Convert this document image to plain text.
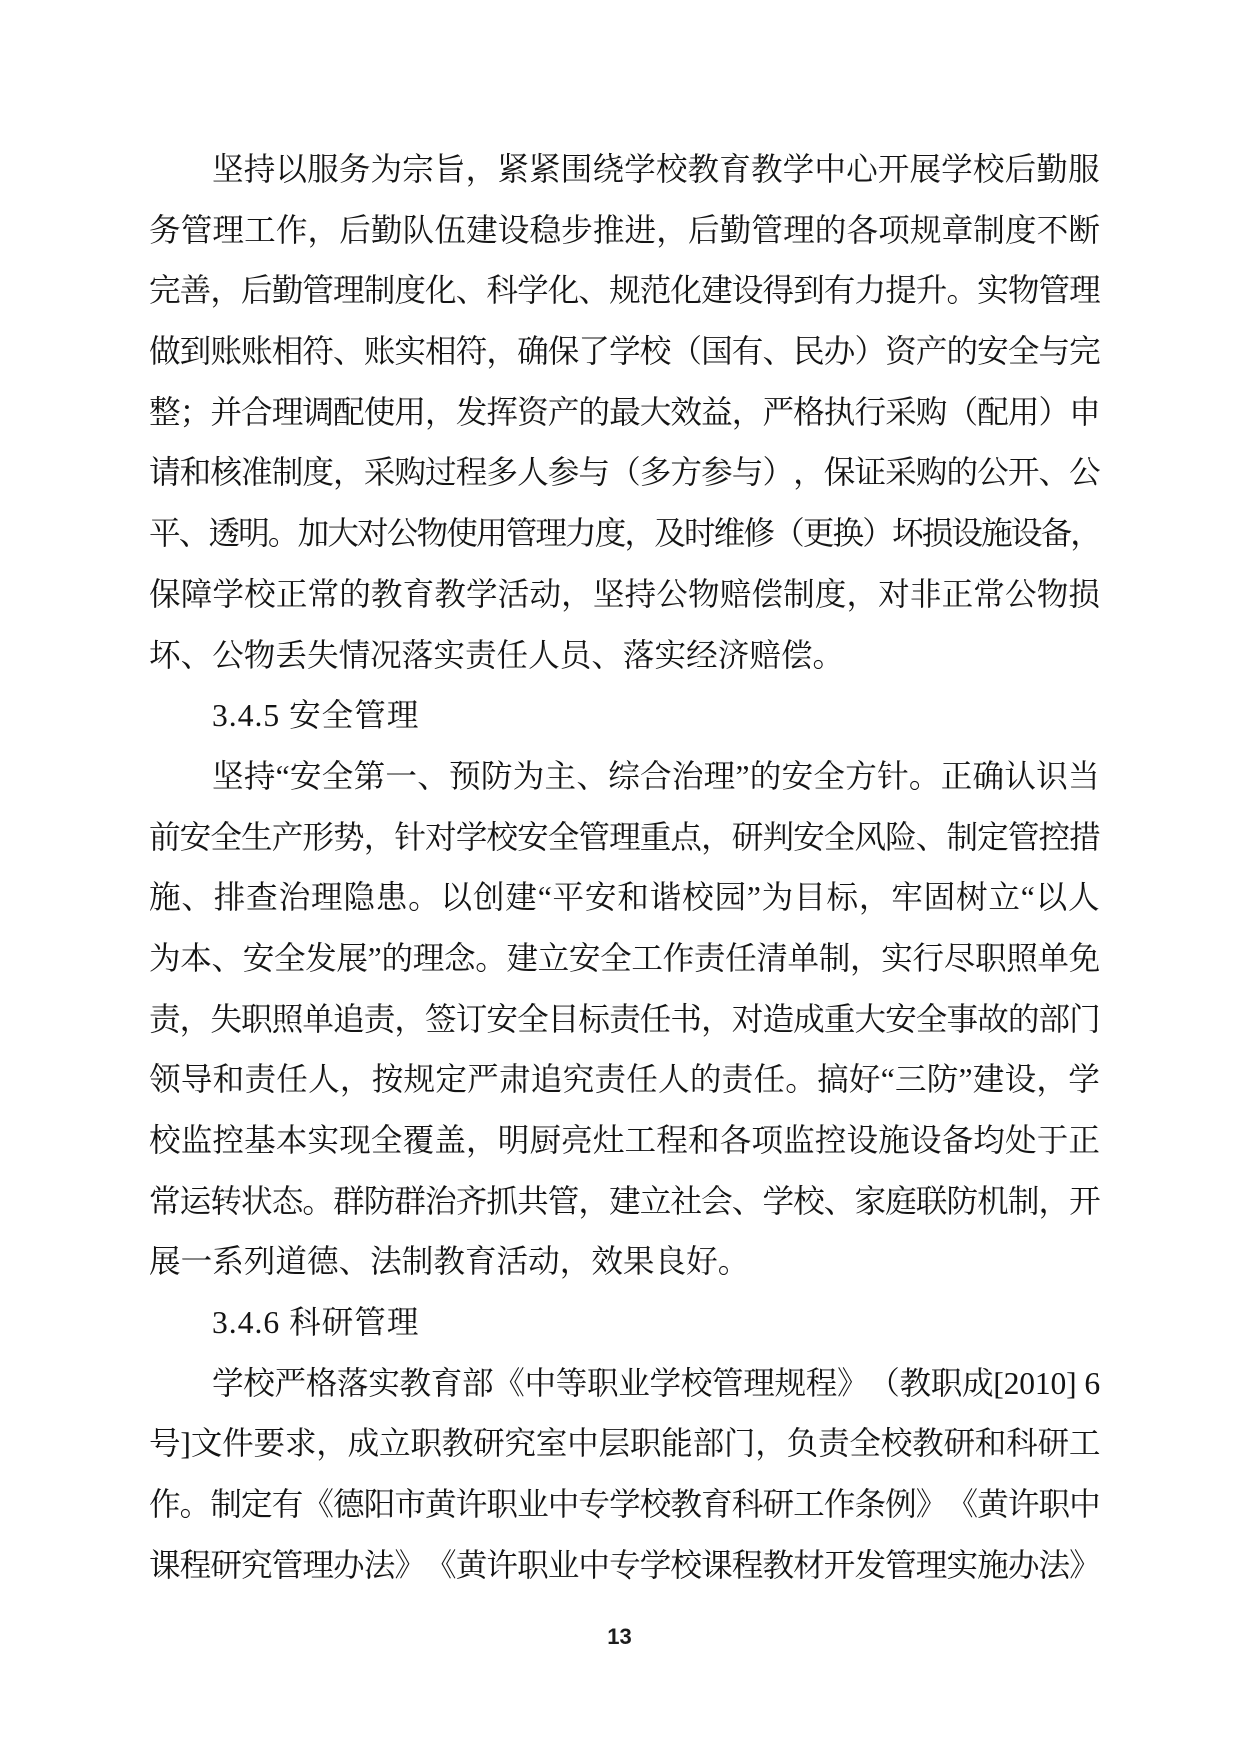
坚 持 以 服 务 为 宗 旨 ， 紧 紧 围 绕 学 校 教 育 教 学 中 心 开 展 学 校 后 勤 服
务 管 理 工 作 ， 后 勤 队 伍 建 设 稳 步 推 进 ， 后 勤 管 理 的 各 项 规 章 制 度 不 断
完 善 ， 后 勤 管 理 制 度 化 、 科 学 化 、 规 范 化 建 设 得 到 有 力 提 升 。 实 物 管 理
做 到 账 账 相 符 、 账 实 相 符 ， 确 保 了 学 校 （ 国 有 、 民 办 ） 资 产 的 安 全 与 完
整 ； 并 合 理 调 配 使 用 ， 发 挥 资 产 的 最 大 效 益 ， 严 格 执 行 采 购 （ 配 用 ） 申
请 和 核 准 制 度 ， 采 购 过 程 多 人 参 与 （ 多 方 参 与 ） ， 保 证 采 购 的 公 开 、 公
平
、
透
明
。
加
大
对
公
物
使
用
管
理
力
度
，
及
时
维
修
（
更
换
）
坏
损
设
施
设
备
，
保 障 学 校 正 常 的 教 育 教 学 活 动 ， 坚 持 公 物 赔 偿 制 度 ， 对 非 正 常 公 物 损
坏、公物丢失情况落实责任人员、落实经济赔偿。
3.4.5 安全管理
坚 持 “ 安 全 第 一 、 预 防 为 主 、 综 合 治 理 ” 的 安 全 方 针 。 正 确 认 识 当
前 安 全 生 产 形 势 ， 针 对 学 校 安 全 管 理 重 点 ， 研 判 安 全 风 险 、 制 定 管 控 措
施 、 排 查 治 理 隐 患 。 以 创 建 “ 平 安 和 谐 校 园 ” 为 目 标 ， 牢 固 树 立 “ 以 人
为 本 、 安 全 发 展 ” 的 理 念 。 建 立 安 全 工 作 责 任 清 单 制 ， 实 行 尽 职 照 单 免
责 ， 失 职 照 单 追 责 ， 签 订 安 全 目 标 责 任 书 ， 对 造 成 重 大 安 全 事 故 的 部 门
领 导 和 责 任 人 ， 按 规 定 严 肃 追 究 责 任 人 的 责 任 。 搞 好 “ 三 防 ” 建 设 ， 学
校 监 控 基 本 实 现 全 覆 盖 ， 明 厨 亮 灶 工 程 和 各 项 监 控 设 施 设 备 均 处 于 正
常 运 转 状 态 。 群 防 群 治 齐 抓 共 管 ， 建 立 社 会 、 学 校 、 家 庭 联 防 机 制 ， 开
展一系列道德、法制教育活动，效果良好。
3.4.6 科研管理
学 校 严 格 落 实 教 育 部 《 中 等 职 业 学 校 管 理 规 程 》 （ 教 职 成 [ 2 0 1 0 ]
6
号 ] 文 件 要 求 ， 成 立 职 教 研 究 室 中 层 职 能 部 门 ， 负 责 全 校 教 研 和 科 研 工
作 。 制 定 有 《 德 阳 市 黄 许 职 业 中 专 学 校 教 育 科 研 工 作 条 例 》 《 黄 许 职 中
课 程 研 究 管 理 办 法 》 《 黄 许 职 业 中 专 学 校 课 程 教 材 开 发 管 理 实 施 办 法 》
13
